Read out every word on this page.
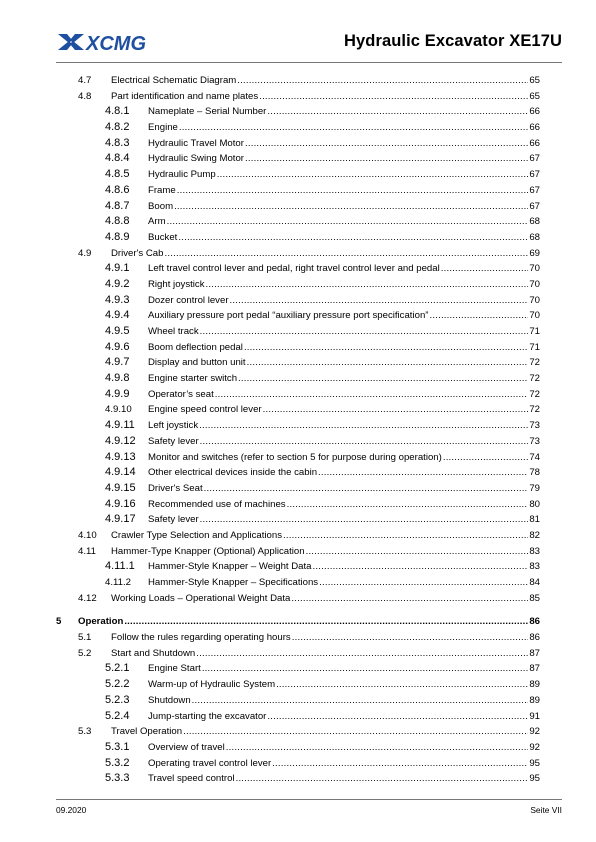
XCMG	Hydraulic Excavator XE17U
4.7 Electrical Schematic Diagram .....	65
4.8 Part identification and name plates .....	65
4.8.1 Nameplate – Serial Number .....	66
4.8.2 Engine .....	66
4.8.3 Hydraulic Travel Motor .....	66
4.8.4 Hydraulic Swing Motor .....	67
4.8.5 Hydraulic Pump .....	67
4.8.6 Frame .....	67
4.8.7 Boom .....	67
4.8.8 Arm .....	68
4.8.9 Bucket .....	68
4.9 Driver's Cab .....	69
4.9.1 Left travel control lever and pedal, right travel control lever and pedal .....	70
4.9.2 Right joystick .....	70
4.9.3 Dozer control lever .....	70
4.9.4 Auxiliary pressure port pedal “auxiliary pressure port specification” .....	70
4.9.5 Wheel track .....	71
4.9.6 Boom deflection pedal .....	71
4.9.7 Display and button unit .....	72
4.9.8 Engine starter switch .....	72
4.9.9 Operator’s seat .....	72
4.9.10 Engine speed control lever .....	72
4.9.11 Left joystick .....	73
4.9.12 Safety lever .....	73
4.9.13 Monitor and switches (refer to section 5 for purpose during operation) .....	74
4.9.14 Other electrical devices inside the cabin .....	78
4.9.15 Driver's Seat .....	79
4.9.16 Recommended use of machines .....	80
4.9.17 Safety lever .....	81
4.10 Crawler Type Selection and Applications .....	82
4.11 Hammer-Type Knapper (Optional) Application .....	83
4.11.1 Hammer-Style Knapper – Weight Data .....	83
4.11.2 Hammer-Style Knapper – Specifications .....	84
4.12 Working Loads – Operational Weight Data .....	85
5 Operation .....	86
5.1 Follow the rules regarding operating hours .....	86
5.2 Start and Shutdown .....	87
5.2.1 Engine Start .....	87
5.2.2 Warm-up of Hydraulic System .....	89
5.2.3 Shutdown .....	89
5.2.4 Jump-starting the excavator .....	91
5.3 Travel Operation .....	92
5.3.1 Overview of travel .....	92
5.3.2 Operating travel control lever .....	95
5.3.3 Travel speed control .....	95
09.2020	Seite VII
